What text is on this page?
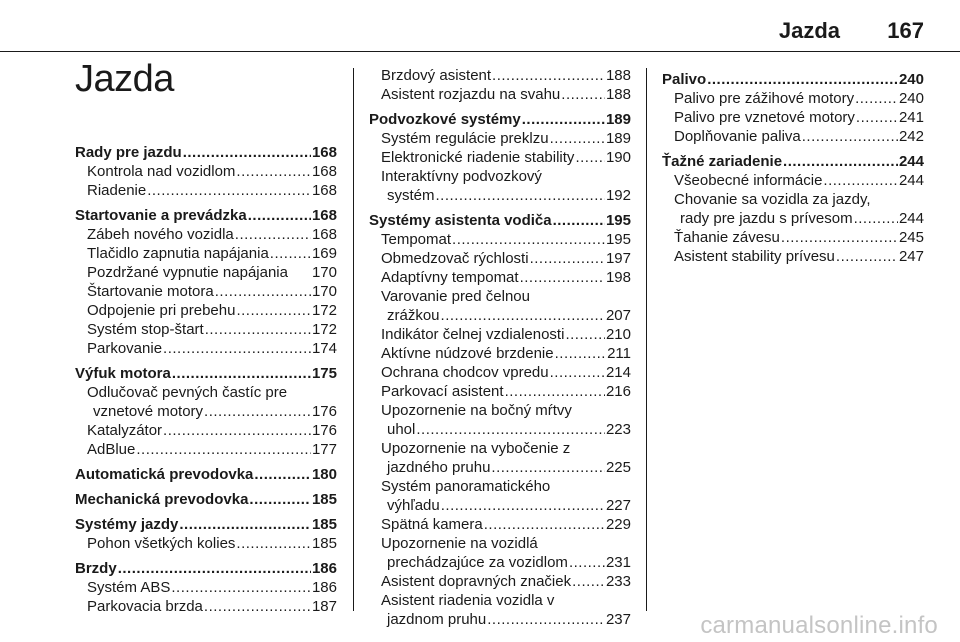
Jazda 167
Jazda
Rady pre jazdu .....	168
Kontrola nad vozidlom .....	168
Riadenie .....	168
Startovanie a prevádzka .....	168
Zábeh nového vozidla .....	168
Tlačidlo zapnutia napájania .....	169
Pozdržané vypnutie napájania 170
Štartovanie motora .....	170
Odpojenie pri prebehu .....	172
Systém stop-štart .....	172
Parkovanie .....	174
Výfuk motora .....	175
Odlučovač pevných častíc pre
vznetové motory .....	176
Katalyzátor .....	176
AdBlue .....	177
Automatická prevodovka .....	180
Mechanická prevodovka .....	185
Systémy jazdy .....	185
Pohon všetkých kolies .....	185
Brzdy .....	186
Systém ABS .....	186
Parkovacia brzda .....	187
Brzdový asistent .....	188
Asistent rozjazdu na svahu .....	188
Podvozkové systémy .....	189
Systém regulácie preklzu .....	189
Elektronické riadenie stability ..... 190
Interaktívny podvozkový
systém .....	192
Systémy asistenta vodiča .....	195
Tempomat .....	195
Obmedzovač rýchlosti .....	197
Adaptívny tempomat .....	198
Varovanie pred čelnou
zrážkou .....	207
Indikátor čelnej vzdialenosti .....	210
Aktívne núdzové brzdenie .....	211
Ochrana chodcov vpredu .....	214
Parkovací asistent .....	216
Upozornenie na bočný mŕtvy
uhol .....	223
Upozornenie na vybočenie z
jazdného pruhu .....	225
Systém panoramatického
výhľadu .....	227
Spätná kamera .....	229
Upozornenie na vozidlá
prechádzajúce za vozidlom .....	231
Asistent dopravných značiek ..... 233
Asistent riadenia vozidla v
jazdnom pruhu .....	237
Palivo .....	240
Palivo pre zážihové motory .....	240
Palivo pre vznetové motory .....	241
Doplňovanie paliva .....	242
Ťažné zariadenie .....	244
Všeobecné informácie .....	244
Chovanie sa vozidla za jazdy,
rady pre jazdu s prívesom .....	244
Ťahanie závesu .....	245
Asistent stability prívesu .....	247
carmanualsonline.info
